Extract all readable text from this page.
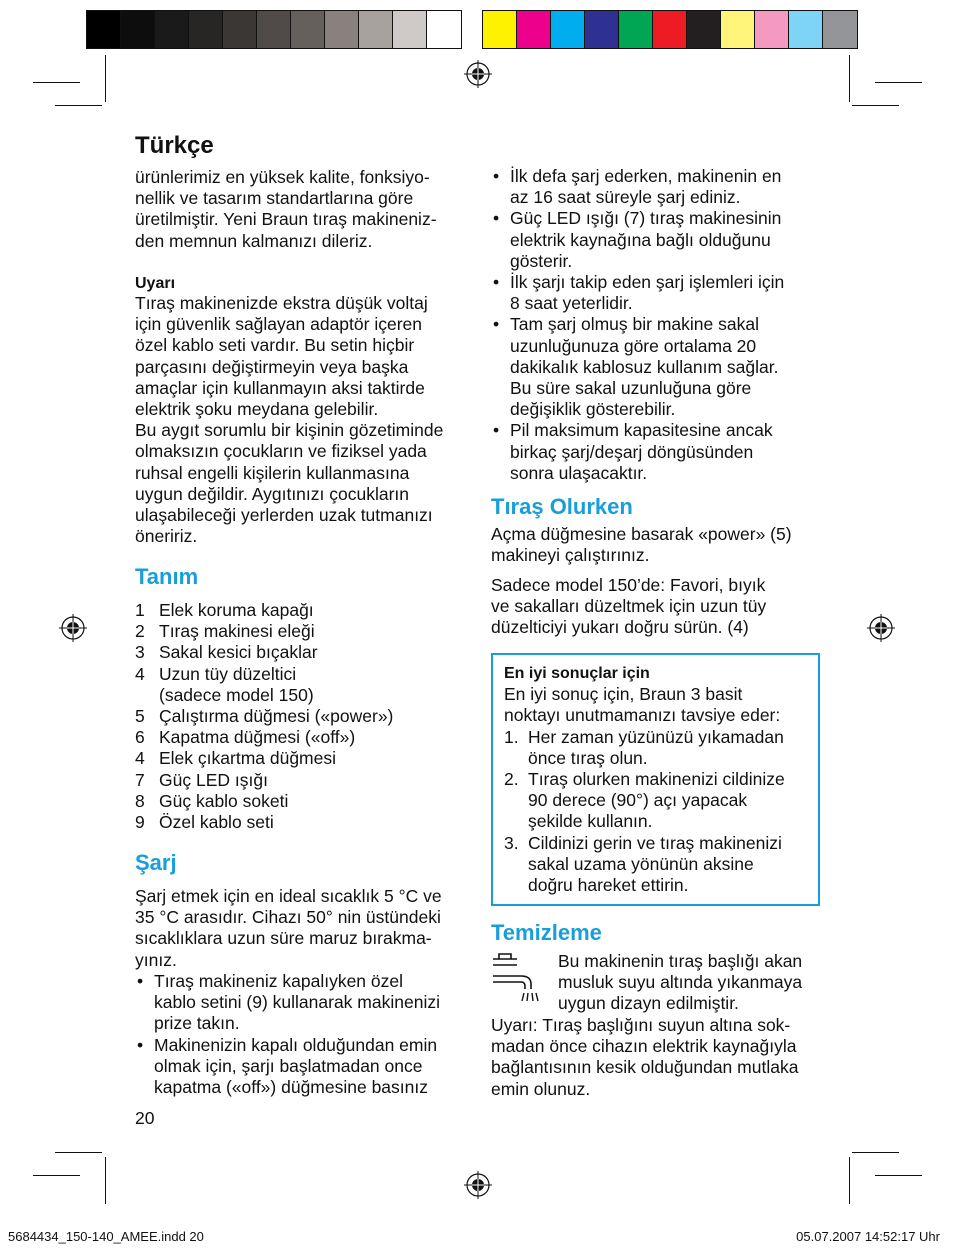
Türkçe
ürünlerimiz en yüksek kalite, fonksiyo-
nellik ve tasarım standartlarına göre
üretilmiştir. Yeni Braun tıraş makineniz-
den memnun kalmanızı dileriz.
Uyarı
Tıraş makinenizde ekstra düşük voltaj
için güvenlik sağlayan adaptör içeren
özel kablo seti vardır. Bu setin hiçbir
parçasını değiştirmeyin veya başka
amaçlar için kullanmayın aksi taktirde
elektrik şoku meydana gelebilir.
Bu aygıt sorumlu bir kişinin gözetiminde
olmaksızın çocukların ve fiziksel yada
ruhsal engelli kişilerin kullanmasına
uygun değildir. Aygıtınızı çocukların
ulaşabileceği yerlerden uzak tutmanızı
öneririz.
Tanım
1 Elek koruma kapağı
2 Tıraş makinesi eleği
3 Sakal kesici bıçaklar
4 Uzun tüy düzeltici
(sadece model 150)
5 Çalıştırma düğmesi («power»)
6 Kapatma düğmesi («off»)
4 Elek çıkartma düğmesi
7 Güç LED ışığı
8 Güç kablo soketi
9 Özel kablo seti
Şarj
Şarj etmek için en ideal sıcaklık 5 °C ve
35 °C arasıdır. Cihazı 50° nin üstündeki
sıcaklıklara uzun süre maruz bırakma-
yınız.
• Tıraş makineniz kapalıyken özel
kablo setini (9) kullanarak makinenizi
prize takın.
• Makinenizin kapalı olduğundan emin
olmak için, şarjı başlatmadan once
kapatma («off») düğmesine basınız
20
• İlk defa şarj ederken, makinenin en
az 16 saat süreyle şarj ediniz.
• Güç LED ışığı (7) tıraş makinesinin
elektrik kaynağına bağlı olduğunu
gösterir.
• İlk şarjı takip eden şarj işlemleri için
8 saat yeterlidir.
• Tam şarj olmuş bir makine sakal
uzunluğunuza göre ortalama 20
dakikalık kablosuz kullanım sağlar.
Bu süre sakal uzunluğuna göre
değişiklik gösterebilir.
• Pil maksimum kapasitesine ancak
birkaç şarj/deşarj döngüsünden
sonra ulaşacaktır.
Tıraş Olurken
Açma düğmesine basarak «power» (5)
makineyi çalıştırınız.
Sadece model 150’de: Favori, bıyık
ve sakalları düzeltmek için uzun tüy
düzelticiyi yukarı doğru sürün. (4)
En iyi sonuçlar için
En iyi sonuç için, Braun 3 basit
noktayı unutmamanızı tavsiye eder:
1. Her zaman yüzünüzü yıkamadan
önce tıraş olun.
2. Tıraş olurken makinenizi cildinize
90 derece (90°) açı yapacak
şekilde kullanın.
3. Cildinizi gerin ve tıraş makinenizi
sakal uzama yönünün aksine
doğru hareket ettirin.
Temizleme
Bu makinenin tıraş başlığı akan
musluk suyu altında yıkanmaya
uygun dizayn edilmiştir.
Uyarı: Tıraş başlığını suyun altına sok-
madan önce cihazın elektrik kaynağıyla
bağlantısının kesik olduğundan mutlaka
emin olunuz.
5684434_150-140_AMEE.indd 20	05.07.2007 14:52:17 Uhr
